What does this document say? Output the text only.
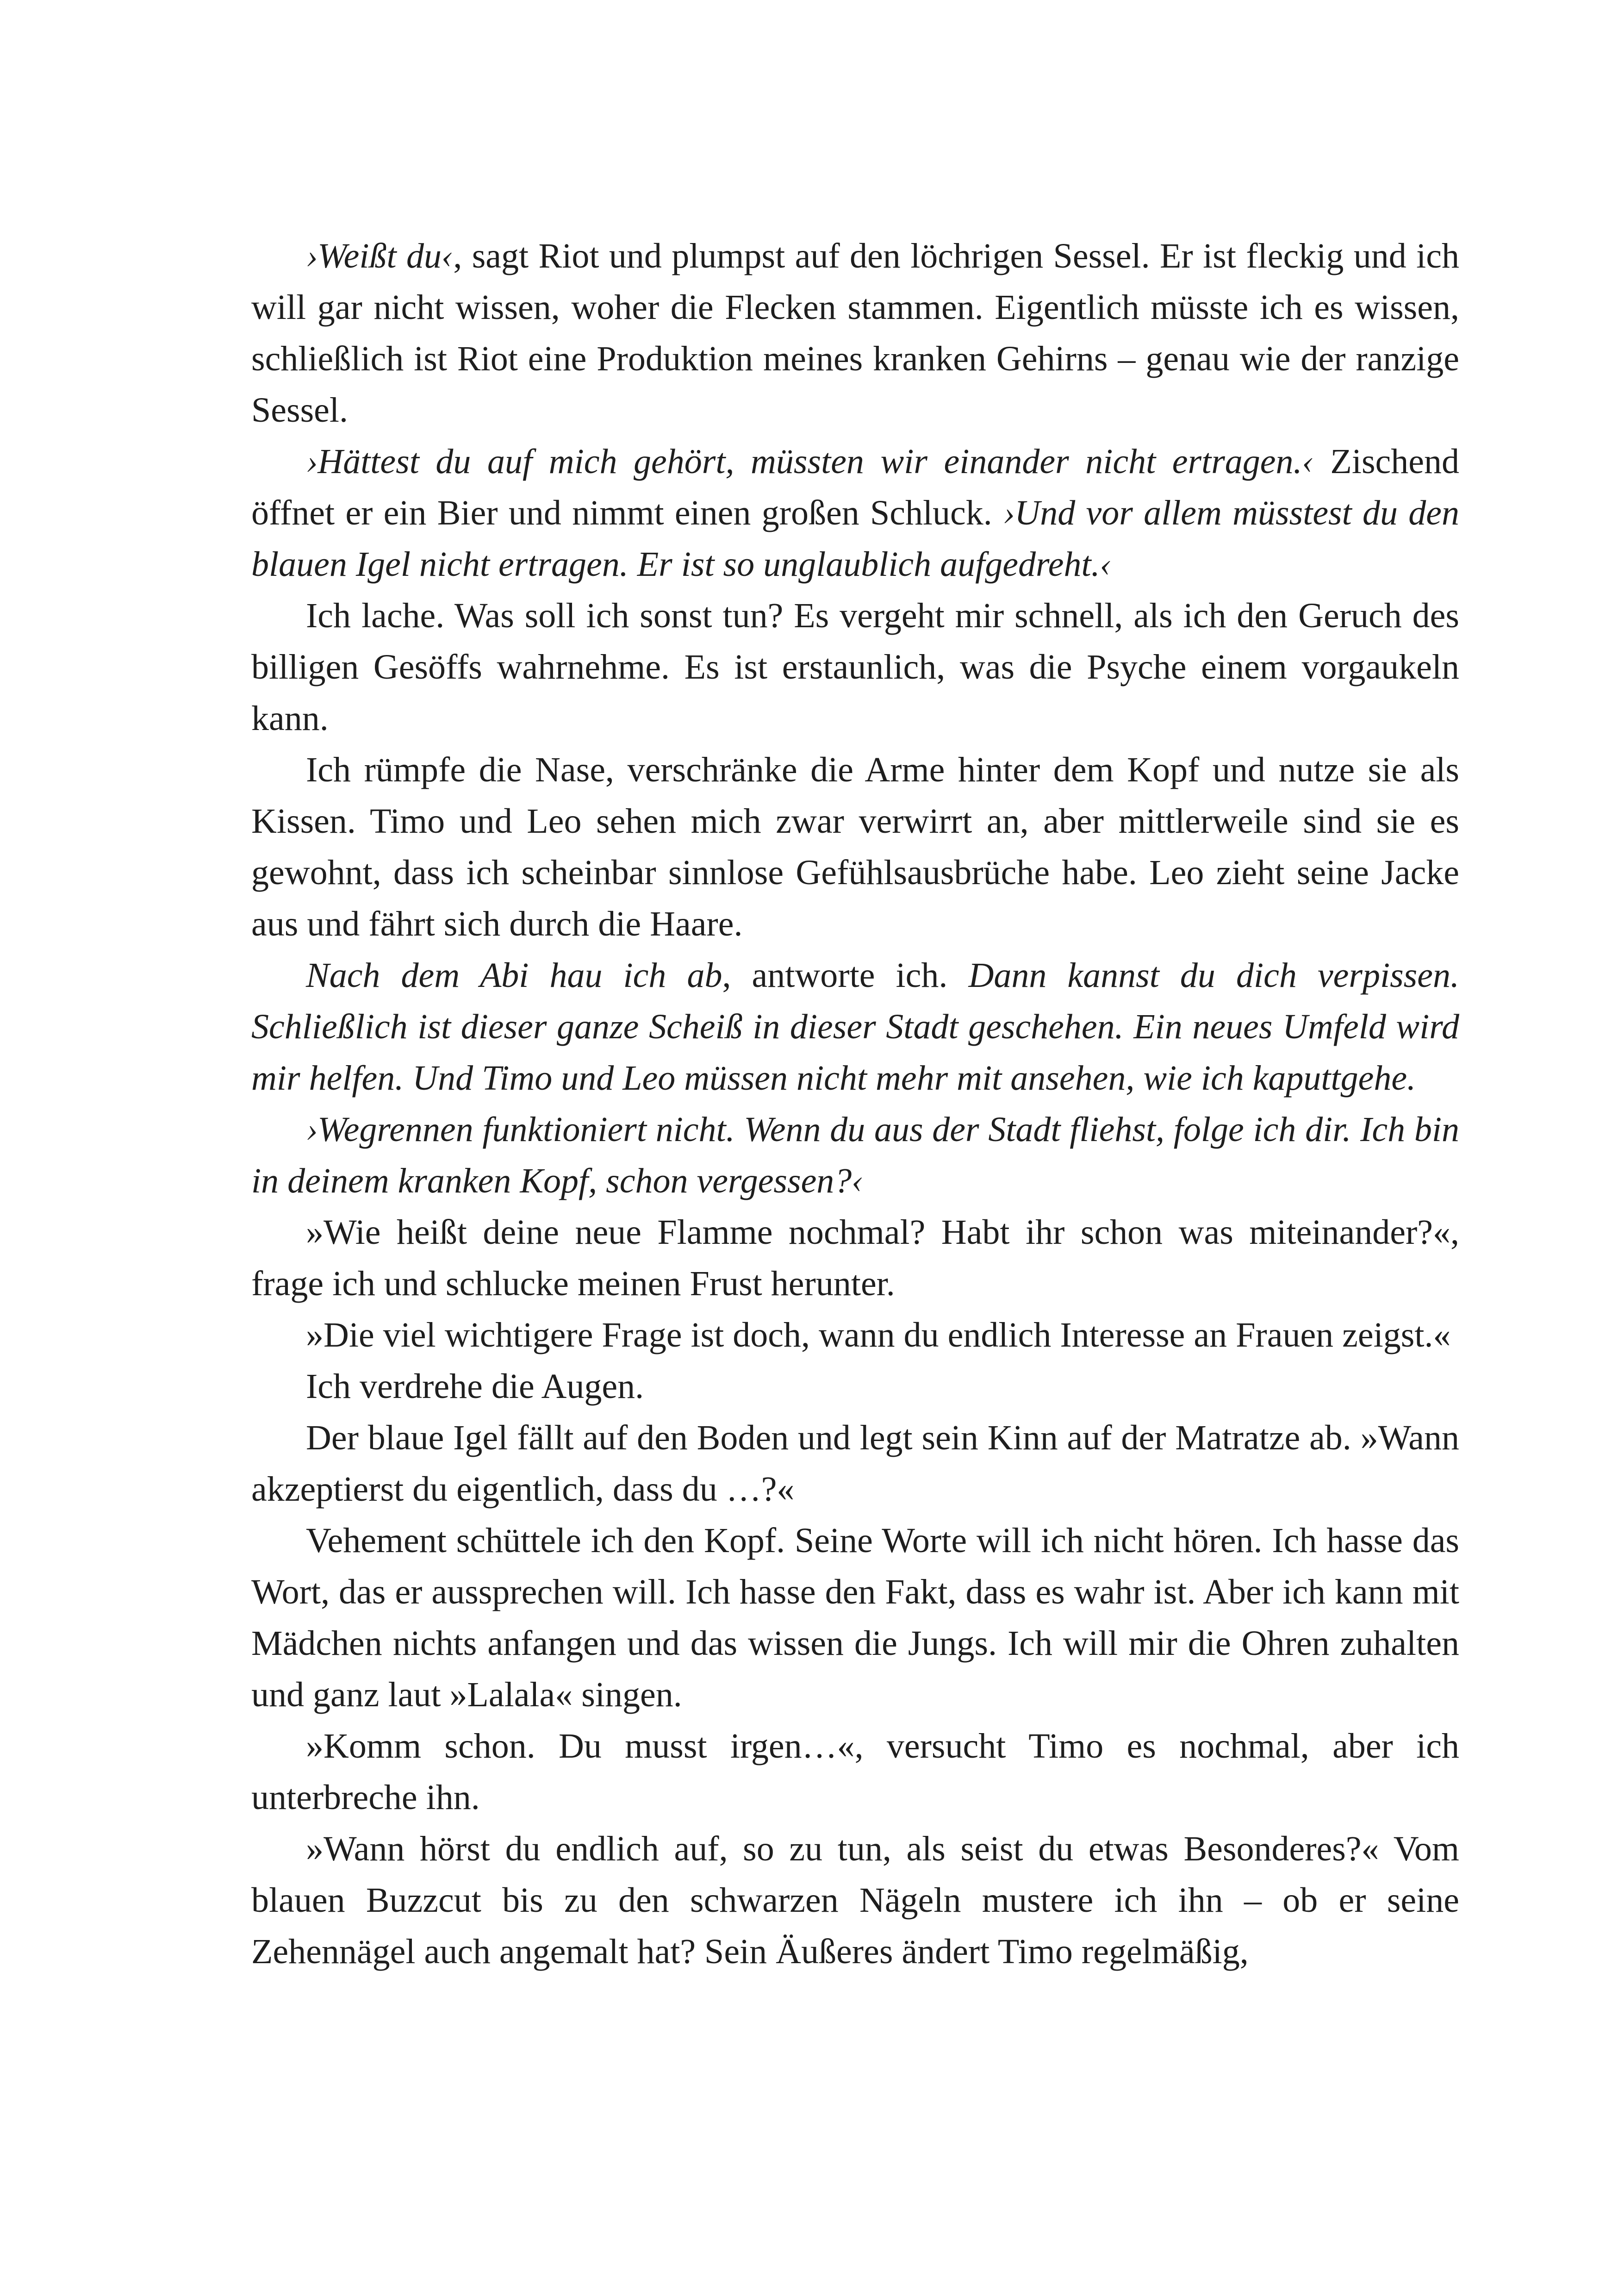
›Weißt du‹, sagt Riot und plumpst auf den löchrigen Sessel. Er ist fleckig und ich will gar nicht wissen, woher die Flecken stammen. Eigentlich müsste ich es wissen, schließlich ist Riot eine Produktion meines kranken Gehirns – genau wie der ranzige Sessel.

›Hättest du auf mich gehört, müssten wir einander nicht ertragen.‹ Zischend öffnet er ein Bier und nimmt einen großen Schluck. ›Und vor allem müsstest du den blauen Igel nicht ertragen. Er ist so unglaublich aufgedreht.‹

Ich lache. Was soll ich sonst tun? Es vergeht mir schnell, als ich den Geruch des billigen Gesöffs wahrnehme. Es ist erstaunlich, was die Psyche einem vorgaukeln kann.

Ich rümpfe die Nase, verschränke die Arme hinter dem Kopf und nutze sie als Kissen. Timo und Leo sehen mich zwar verwirrt an, aber mittlerweile sind sie es gewohnt, dass ich scheinbar sinnlose Gefühlsausbrüche habe. Leo zieht seine Jacke aus und fährt sich durch die Haare.

Nach dem Abi hau ich ab, antworte ich. Dann kannst du dich verpissen. Schließlich ist dieser ganze Scheiß in dieser Stadt geschehen. Ein neues Umfeld wird mir helfen. Und Timo und Leo müssen nicht mehr mit ansehen, wie ich kaputtgehe.

›Wegrennen funktioniert nicht. Wenn du aus der Stadt fliehst, folge ich dir. Ich bin in deinem kranken Kopf, schon vergessen?‹

»Wie heißt deine neue Flamme nochmal? Habt ihr schon was miteinander?«, frage ich und schlucke meinen Frust herunter.

»Die viel wichtigere Frage ist doch, wann du endlich Interesse an Frauen zeigst.«

Ich verdrehe die Augen.

Der blaue Igel fällt auf den Boden und legt sein Kinn auf der Matratze ab. »Wann akzeptierst du eigentlich, dass du …?«

Vehement schüttele ich den Kopf. Seine Worte will ich nicht hören. Ich hasse das Wort, das er aussprechen will. Ich hasse den Fakt, dass es wahr ist. Aber ich kann mit Mädchen nichts anfangen und das wissen die Jungs. Ich will mir die Ohren zuhalten und ganz laut »Lalala« singen.

»Komm schon. Du musst irgen…«, versucht Timo es nochmal, aber ich unterbreche ihn.

»Wann hörst du endlich auf, so zu tun, als seist du etwas Besonderes?« Vom blauen Buzzcut bis zu den schwarzen Nägeln mustere ich ihn – ob er seine Zehennägel auch angemalt hat? Sein Äußeres ändert Timo regelmäßig,
